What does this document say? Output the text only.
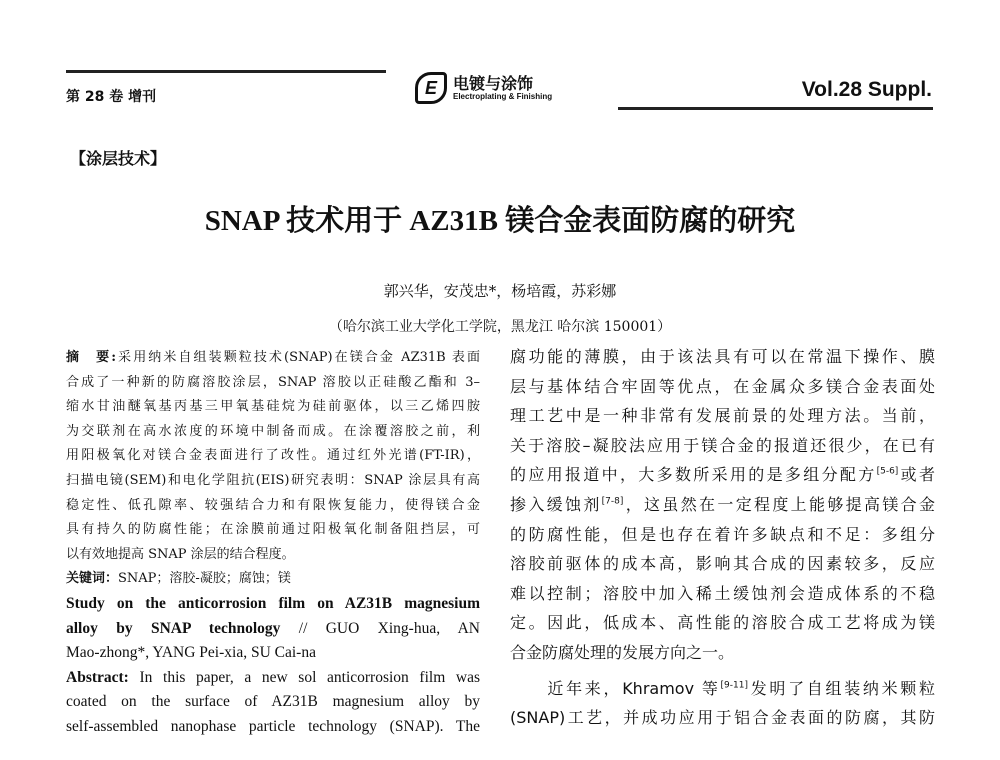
第 28 卷 增刊	E	电镀与涂饰
Electroplating & Finishing	Vol.28 Suppl.
【涂层技术】
SNAP 技术用于 AZ31B 镁合金表面防腐的研究
郭兴华，安茂忠*，杨培霞，苏彩娜
（哈尔滨工业大学化工学院，黑龙江 哈尔滨 150001）
摘　要:采用纳米自组装颗粒技术(SNAP)在镁合金 AZ31B 表面
合成了一种新的防腐溶胶涂层，SNAP 溶胶以正硅酸乙酯和 3–
缩水甘油醚氧基丙基三甲氧基硅烷为硅前驱体，以三乙烯四胺
为交联剂在高水浓度的环境中制备而成。在涂覆溶胶之前，利
用阳极氧化对镁合金表面进行了改性。通过红外光谱(FT-IR)，
扫描电镜(SEM)和电化学阻抗(EIS)研究表明：SNAP 涂层具有高
稳定性、低孔隙率、较强结合力和有限恢复能力，使得镁合金
具有持久的防腐性能；在涂膜前通过阳极氧化制备阻挡层，可
以有效地提高 SNAP 涂层的结合程度。
关键词：SNAP；溶胶-凝胶；腐蚀；镁
Study on the anticorrosion film on AZ31B magnesium
alloy by SNAP technology // GUO Xing-hua, AN
Mao-zhong*, YANG Pei-xia, SU Cai-na
Abstract: In this paper, a new sol anticorrosion film was
coated on the surface of AZ31B magnesium alloy by
self-assembled nanophase particle technology (SNAP). The
腐功能的薄膜，由于该法具有可以在常温下操作、膜
层与基体结合牢固等优点，在金属众多镁合金表面处
理工艺中是一种非常有发展前景的处理方法。当前，
关于溶胶–凝胶法应用于镁合金的报道还很少，在已有
的应用报道中，大多数所采用的是多组分配方[5-6]或者
掺入缓蚀剂[7-8]，这虽然在一定程度上能够提高镁合金
的防腐性能，但是也存在着许多缺点和不足：多组分
溶胶前驱体的成本高，影响其合成的因素较多，反应
难以控制；溶胶中加入稀土缓蚀剂会造成体系的不稳
定。因此，低成本、高性能的溶胶合成工艺将成为镁
合金防腐处理的发展方向之一。
　　近年来，Khramov 等[9-11]发明了自组装纳米颗粒
(SNAP)工艺，并成功应用于铝合金表面的防腐，其防
